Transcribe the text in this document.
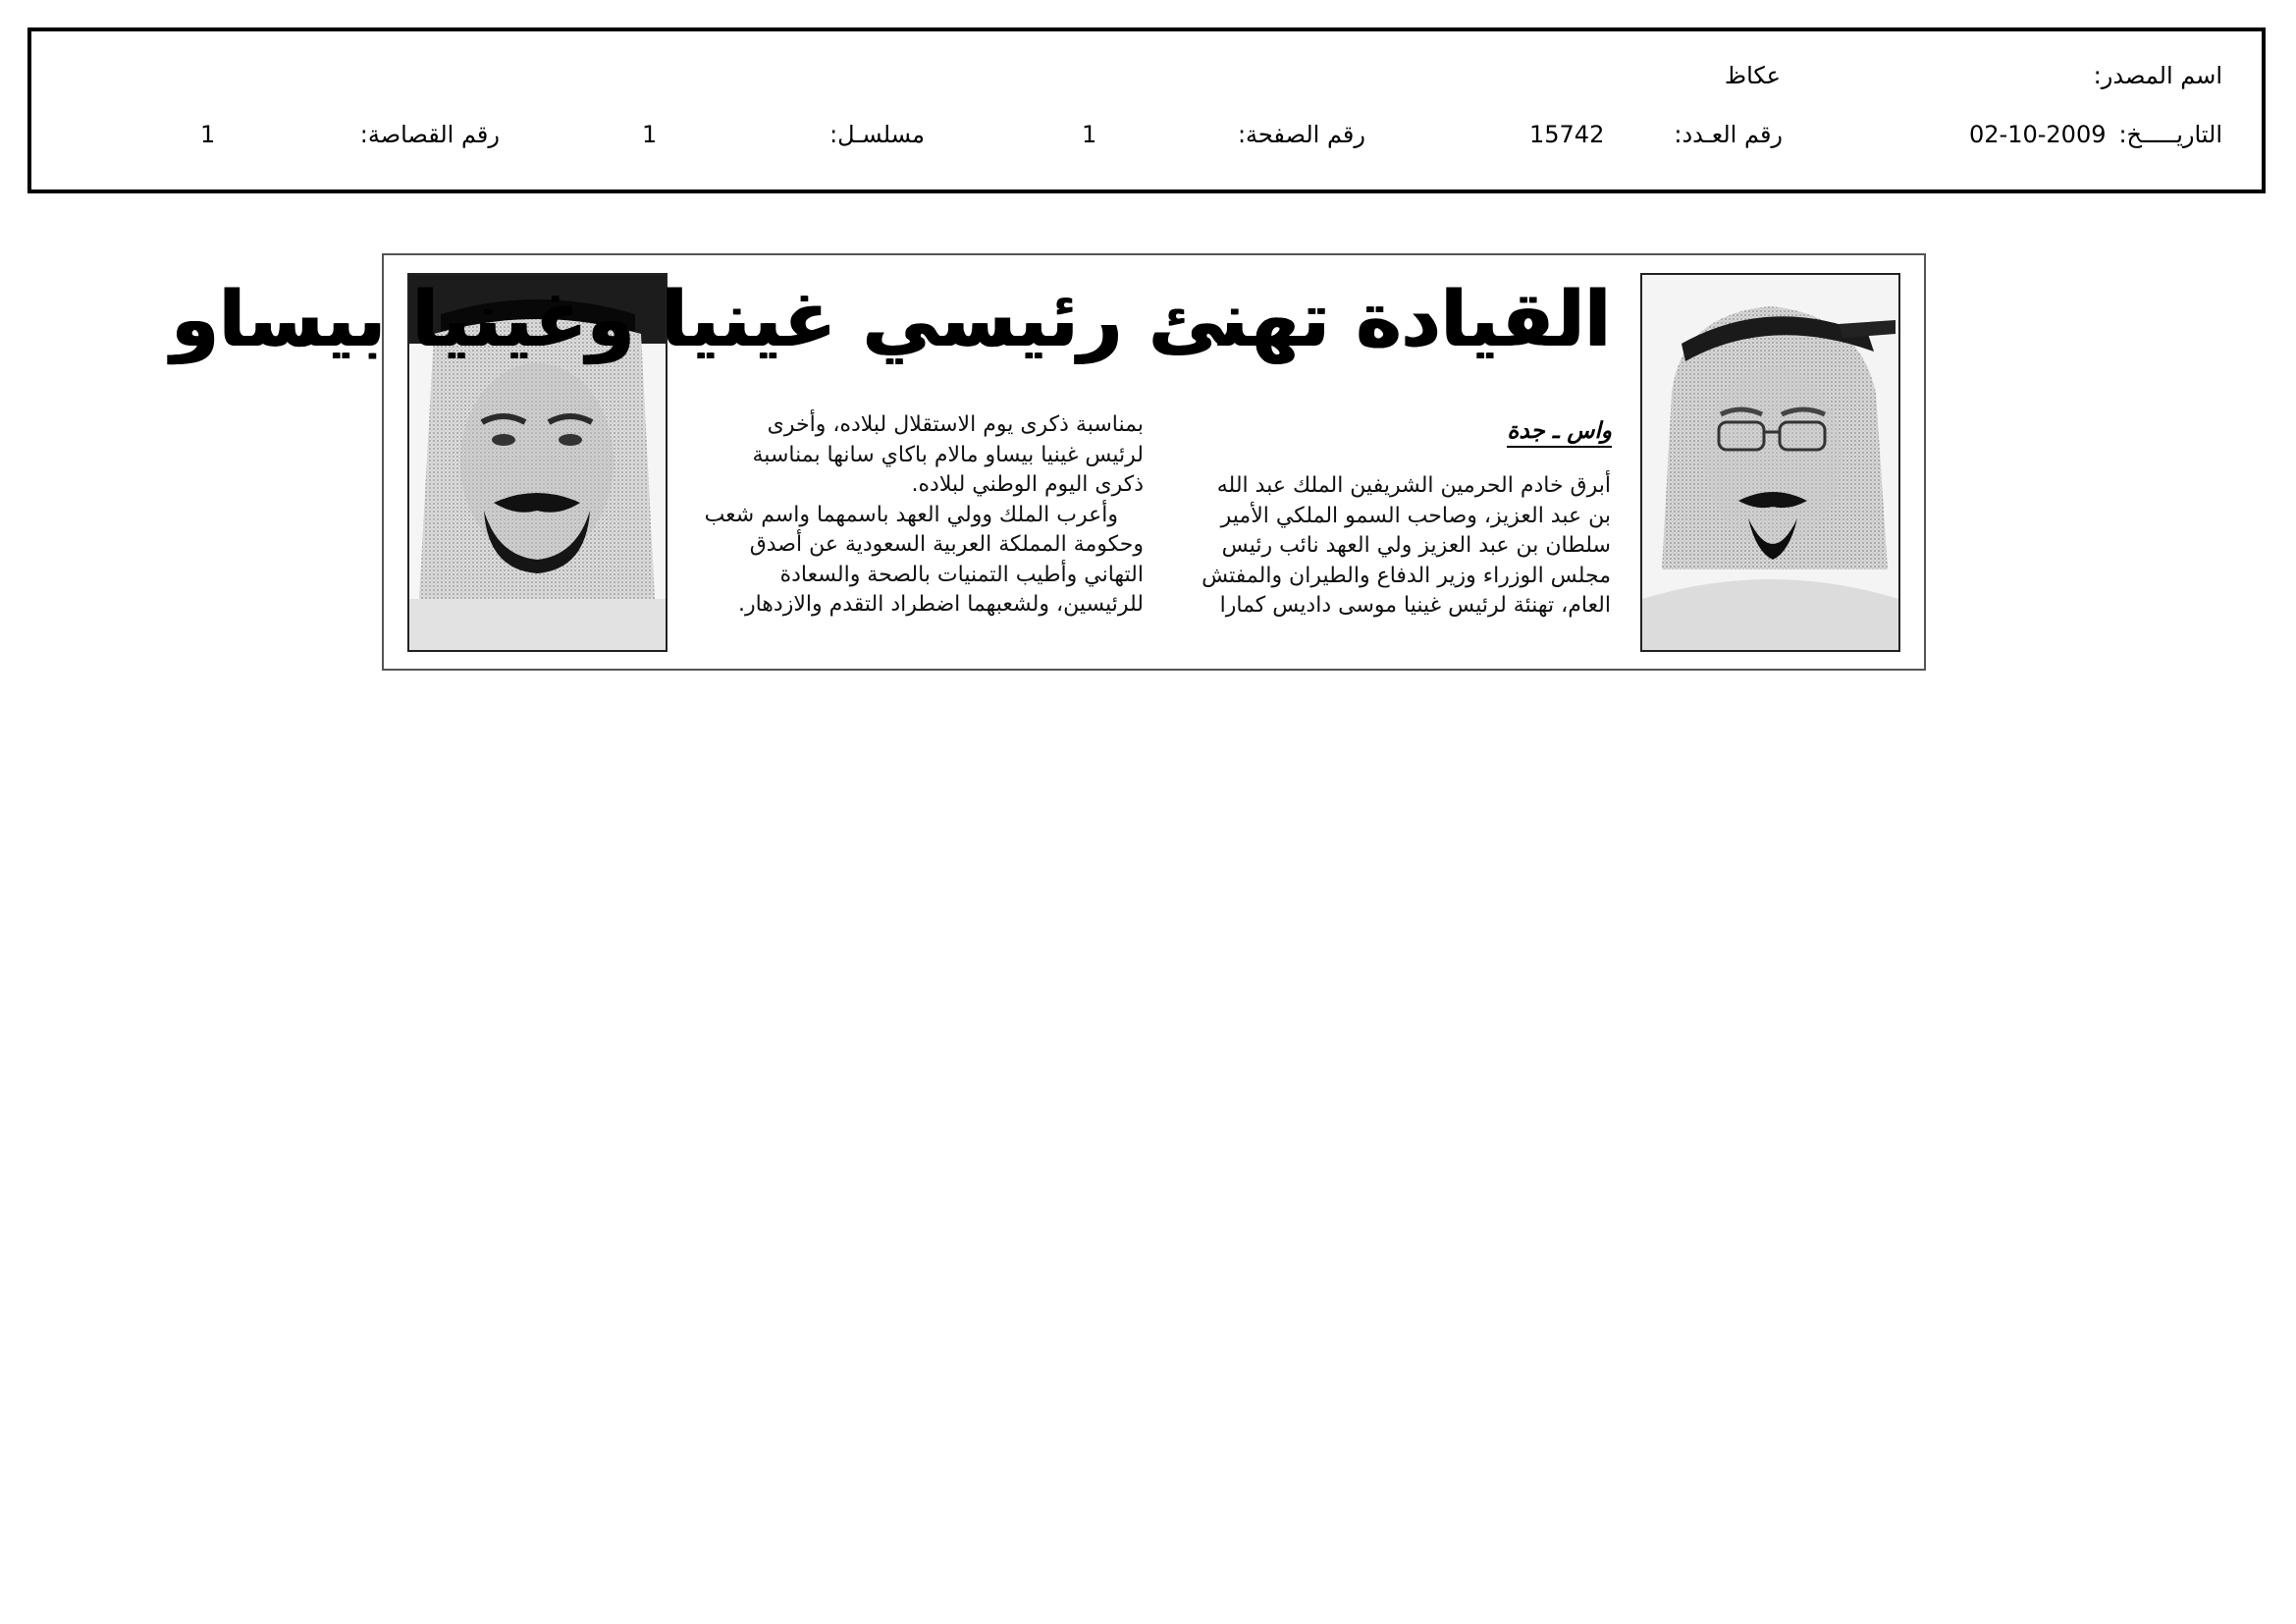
اسم المصدر:
عكاظ
التاريـــــخ:
02-10-2009
رقم العـدد:
15742
رقم الصفحة:
1
مسلسـل:
1
رقم القصاصة:
1
القيادة تهنئ رئيسي غينيا وغينيا بيساو
واس ـ جدة

أبرق خادم الحرمين الشريفين الملك عبد الله

بن عبد العزيز، وصاحب السمو الملكي الأمير

سلطان بن عبد العزيز ولي العهد نائب رئيس

مجلس الوزراء وزير الدفاع والطيران والمفتش

العام، تهنئة لرئيس غينيا موسى داديس كمارا

بمناسبة ذكرى يوم الاستقلال لبلاده، وأخرى

لرئيس غينيا بيساو مالام باكاي سانها بمناسبة

ذكرى اليوم الوطني لبلاده.

وأعرب الملك وولي العهد باسمهما واسم شعب

وحكومة المملكة العربية السعودية عن أصدق

التهاني وأطيب التمنيات بالصحة والسعادة

للرئيسين، ولشعبهما اضطراد التقدم والازدهار.
